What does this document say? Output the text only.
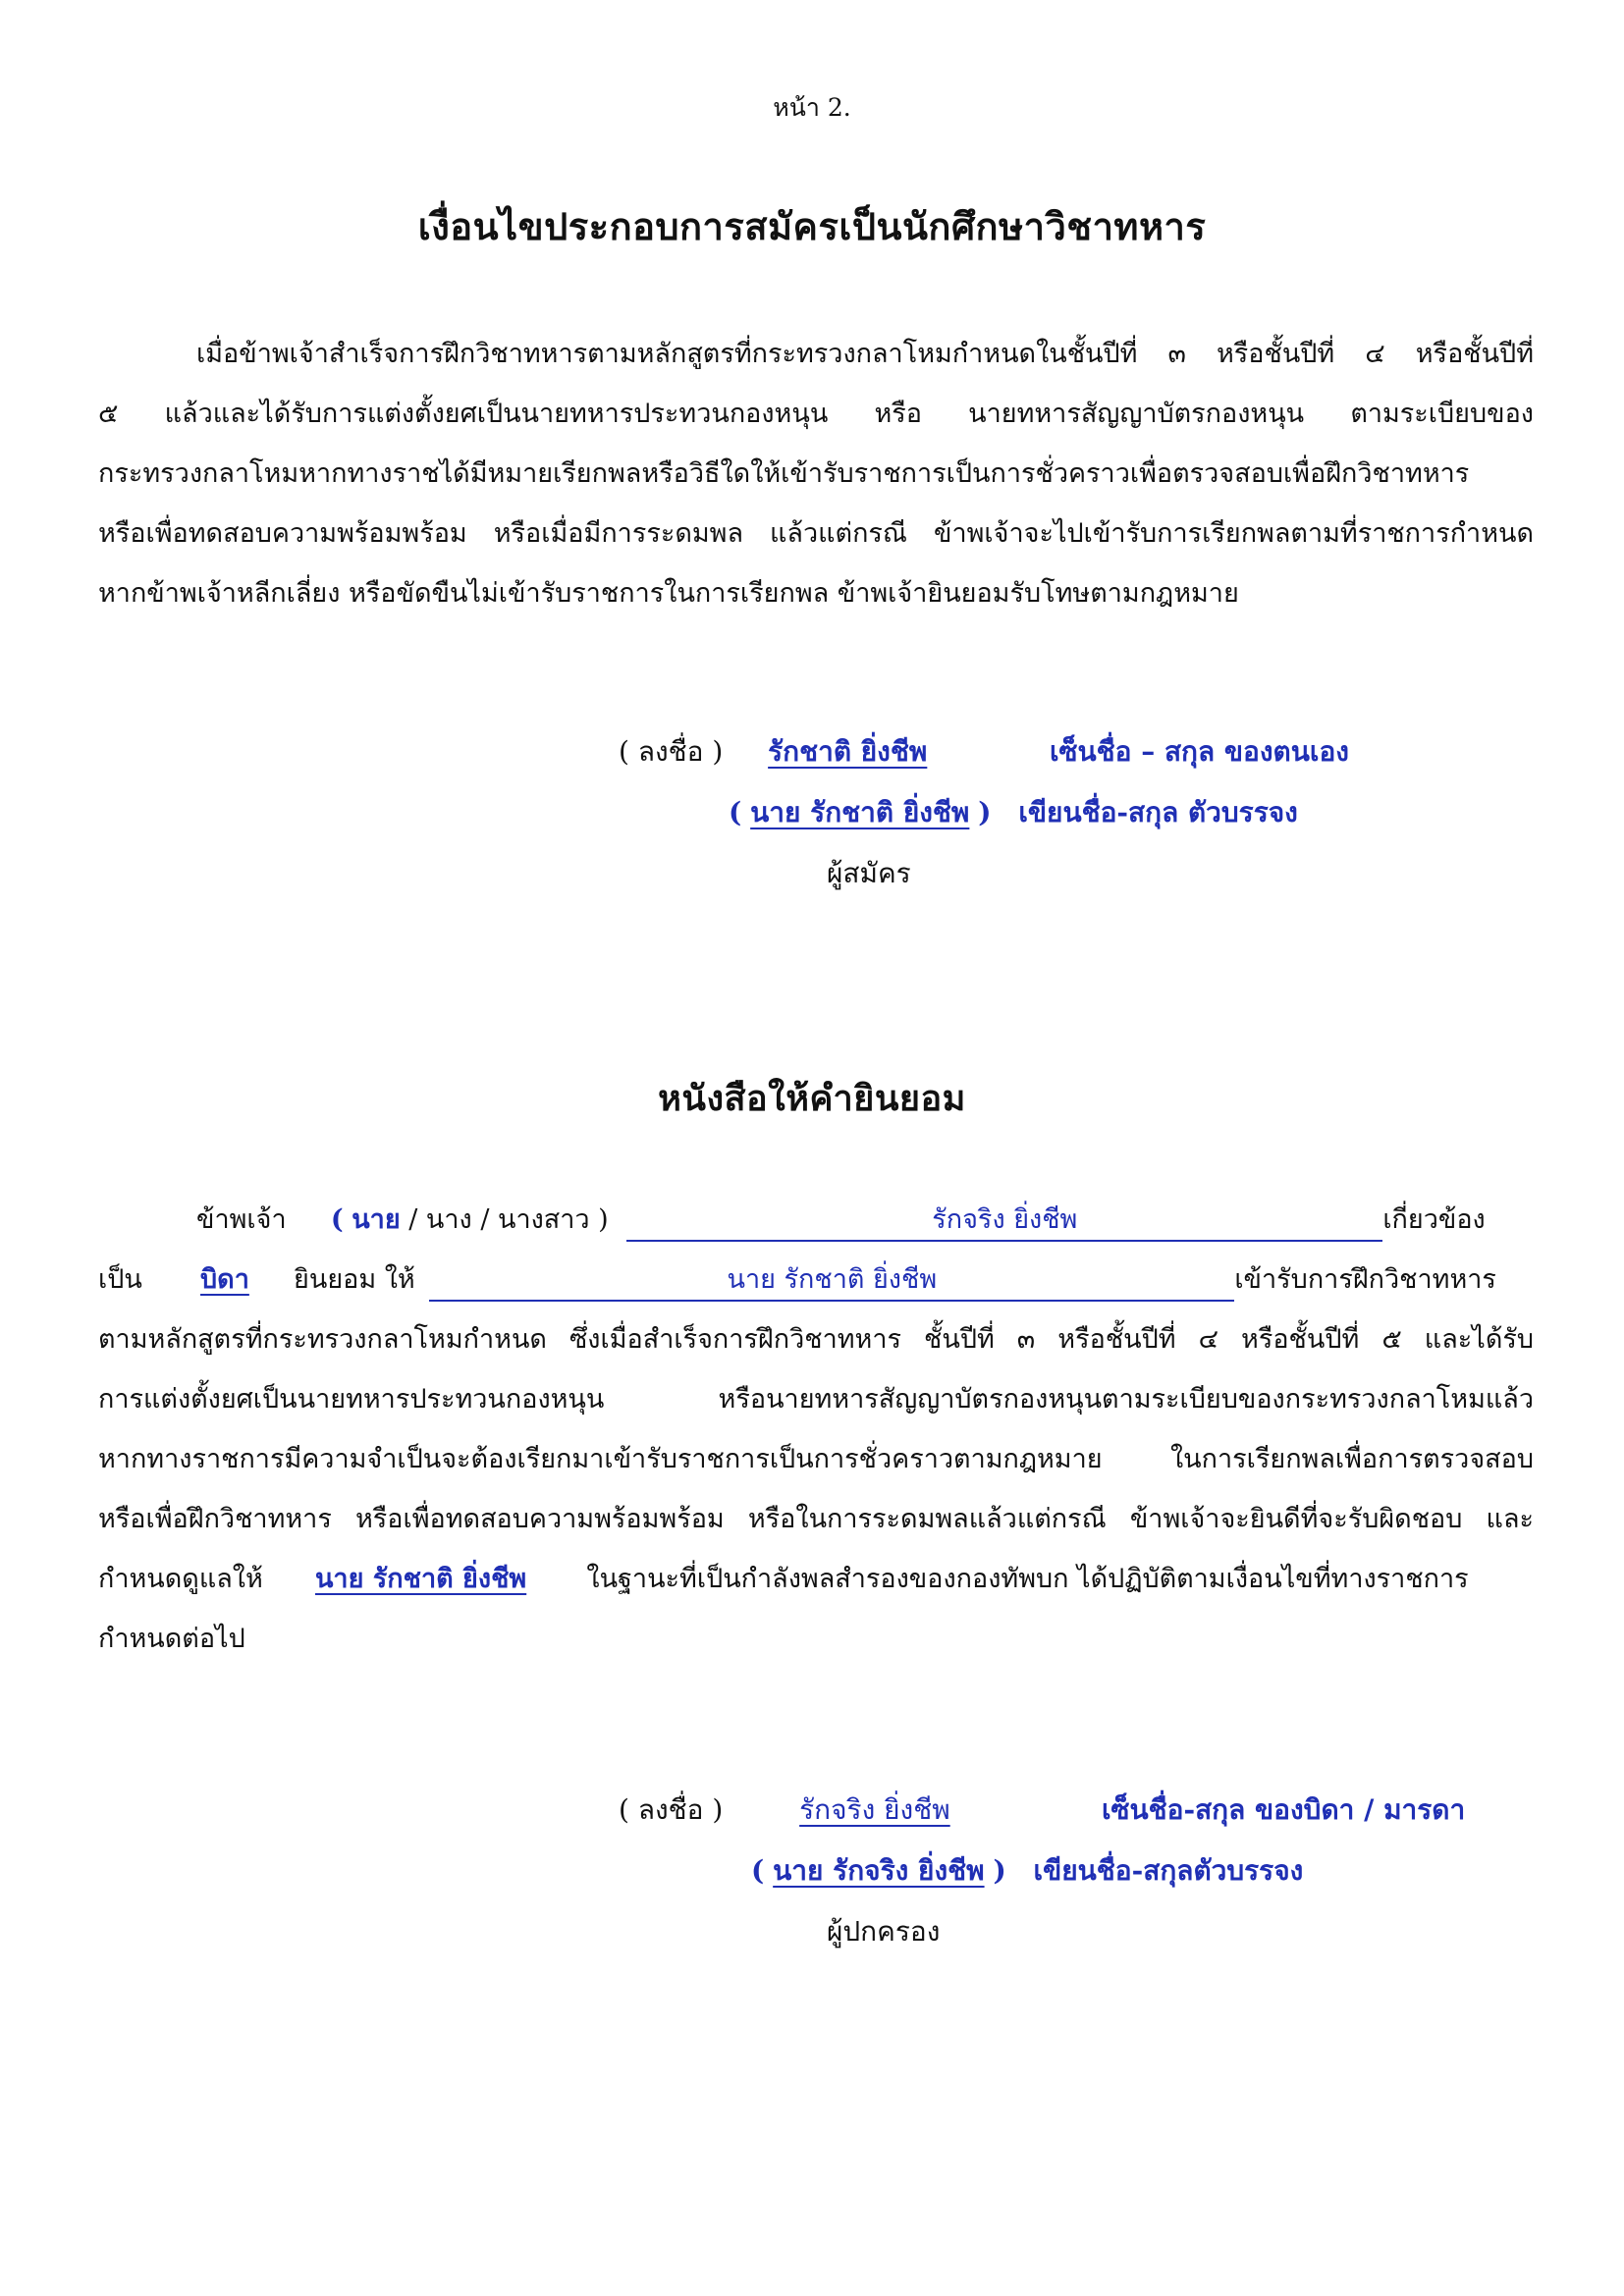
หน้า 2.
เงื่อนไขประกอบการสมัครเป็นนักศึกษาวิชาทหาร
เมื่อข้าพเจ้าสำเร็จการฝึกวิชาทหารตามหลักสูตรที่กระทรวงกลาโหมกำหนดในชั้นปีที่ ๓ หรือชั้นปีที่ ๔ หรือชั้นปีที่
๕ แล้วและได้รับการแต่งตั้งยศเป็นนายทหารประทวนกองหนุน หรือ นายทหารสัญญาบัตรกองหนุน ตามระเบียบของ
กระทรวงกลาโหมหากทางราชได้มีหมายเรียกพลหรือวิธีใดให้เข้ารับราชการเป็นการชั่วคราวเพื่อตรวจสอบเพื่อฝึกวิชาทหาร
หรือเพื่อทดสอบความพร้อมพร้อม หรือเมื่อมีการระดมพล แล้วแต่กรณี ข้าพเจ้าจะไปเข้ารับการเรียกพลตามที่ราชการกำหนด
หากข้าพเจ้าหลีกเลี่ยง หรือขัดขืนไม่เข้ารับราชการในการเรียกพล ข้าพเจ้ายินยอมรับโทษตามกฎหมาย
( ลงชื่อ ) รักชาติ ยิ่งชีพ	เซ็นชื่อ – สกุล ของตนเอง
( นาย รักชาติ ยิ่งชีพ ) เขียนชื่อ-สกุล ตัวบรรจง
ผู้สมัคร
หนังสือให้คำยินยอม
ข้าพเจ้า ( นาย / นาง / นางสาว )	รักจริง ยิ่งชีพ	เกี่ยวข้อง
เป็น บิดา ยินยอม ให้	นาย รักชาติ ยิ่งชีพ	เข้ารับการฝึกวิชาทหาร
ตามหลักสูตรที่กระทรวงกลาโหมกำหนด ซึ่งเมื่อสำเร็จการฝึกวิชาทหาร ชั้นปีที่ ๓ หรือชั้นปีที่ ๔ หรือชั้นปีที่ ๕ และได้รับ
การแต่งตั้งยศเป็นนายทหารประทวนกองหนุน หรือนายทหารสัญญาบัตรกองหนุนตามระเบียบของกระทรวงกลาโหมแล้ว
หากทางราชการมีความจำเป็นจะต้องเรียกมาเข้ารับราชการเป็นการชั่วคราวตามกฎหมาย ในการเรียกพลเพื่อการตรวจสอบ
หรือเพื่อฝึกวิชาทหาร หรือเพื่อทดสอบความพร้อมพร้อม หรือในการระดมพลแล้วแต่กรณี ข้าพเจ้าจะยินดีที่จะรับผิดชอบ และ
กำหนดดูแลให้ นาย รักชาติ ยิ่งชีพ ในฐานะที่เป็นกำลังพลสำรองของกองทัพบก ได้ปฏิบัติตามเงื่อนไขที่ทางราชการ
กำหนดต่อไป
( ลงชื่อ )	รักจริง ยิ่งชีพ	เซ็นชื่อ-สกุล ของบิดา / มารดา
( นาย รักจริง ยิ่งชีพ ) เขียนชื่อ-สกุลตัวบรรจง
ผู้ปกครอง
